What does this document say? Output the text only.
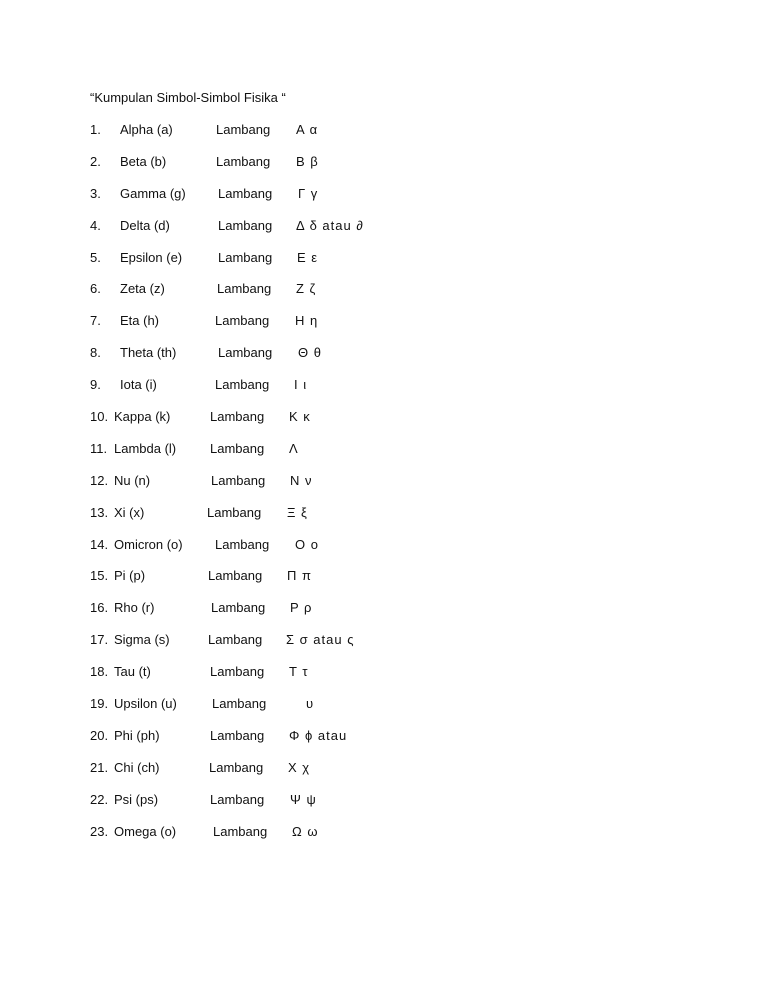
“Kumpulan Simbol-Simbol Fisika “
1. Alpha (a)	Lambang Α α
2. Beta (b)	Lambang Β β
3. Gamma (g) Lambang Γ γ
4. Delta (d)	Lambang Δ δ atau ∂
5. Epsilon (e)	Lambang Ε ε
6. Zeta (z)	Lambang Ζ ζ
7. Eta (h)	Lambang Η η
8. Theta (th)	Lambang Θ θ
9. Iota (i)	Lambang Ι ι
10. Kappa (k)	Lambang Κ κ
11. Lambda (l)	Lambang Λ
12. Nu (n)	Lambang Ν ν
13. Xi (x)	Lambang Ξ ξ
14. Omicron (o) Lambang Ο ο
15. Pi (p)	Lambang Π π
16. Rho (r)	Lambang Ρ ρ
17. Sigma (s)	Lambang Σ σ atau ς
18. Tau (t)	Lambang Τ τ
19. Upsilon (u)	Lambang	υ
20. Phi (ph)	Lambang Φ ϕ atau
21. Chi (ch)	Lambang Χ χ
22. Psi (ps)	Lambang Ψ ψ
23. Omega (o)	Lambang Ω ω
